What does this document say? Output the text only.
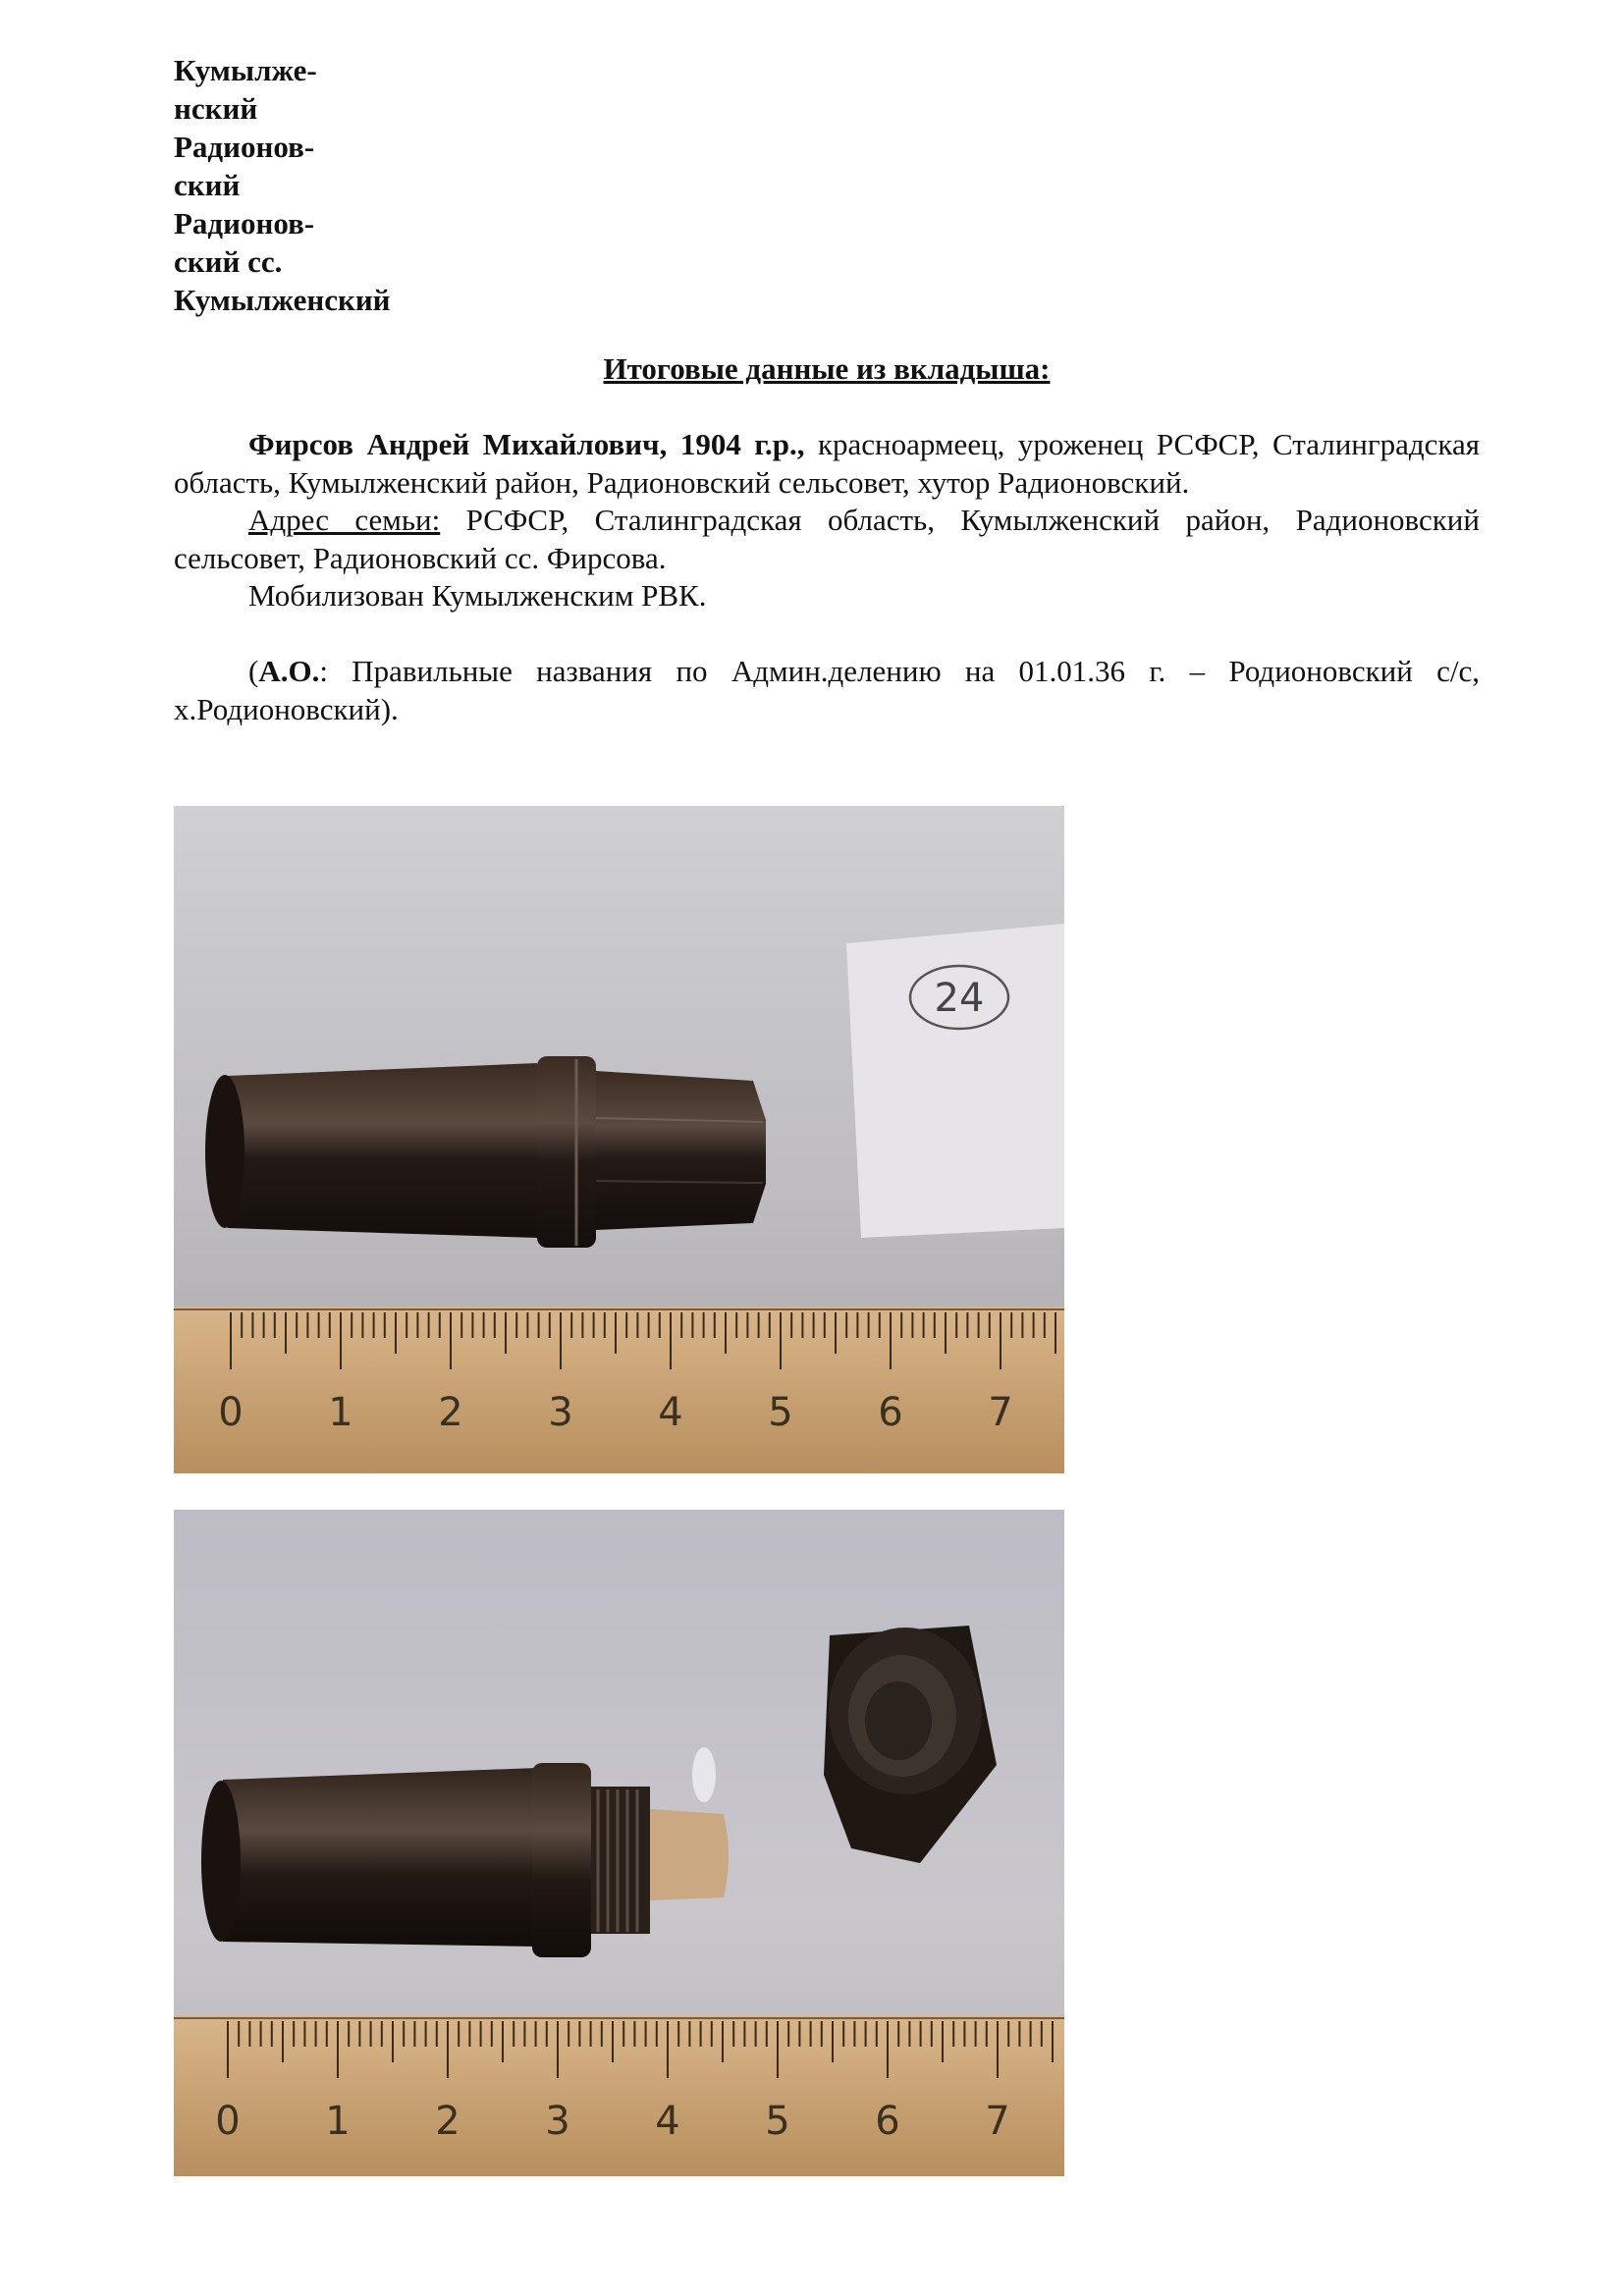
Кумылже-
нский
Радионов-
ский
Радионов-
ский сс.
Кумылженский
Итоговые данные из вкладыша:

Фирсов Андрей Михайлович, 1904 г.р., красноармеец, уроженец РСФСР, Сталинградская область, Кумылженский район, Радионовский сельсовет, хутор Радионовский.

Адрес семьи: РСФСР, Сталинградская область, Кумылженский район, Радионовский сельсовет, Радионовский сс. Фирсова.

Мобилизован Кумылженским РВК.

(А.О.: Правильные названия по Админ.делению на 01.01.36 г. – Родионовский с/с, х.Родионовский).

24
0 1 2 3 4 5 6 7
0 1 2 3 4 5 6 7
